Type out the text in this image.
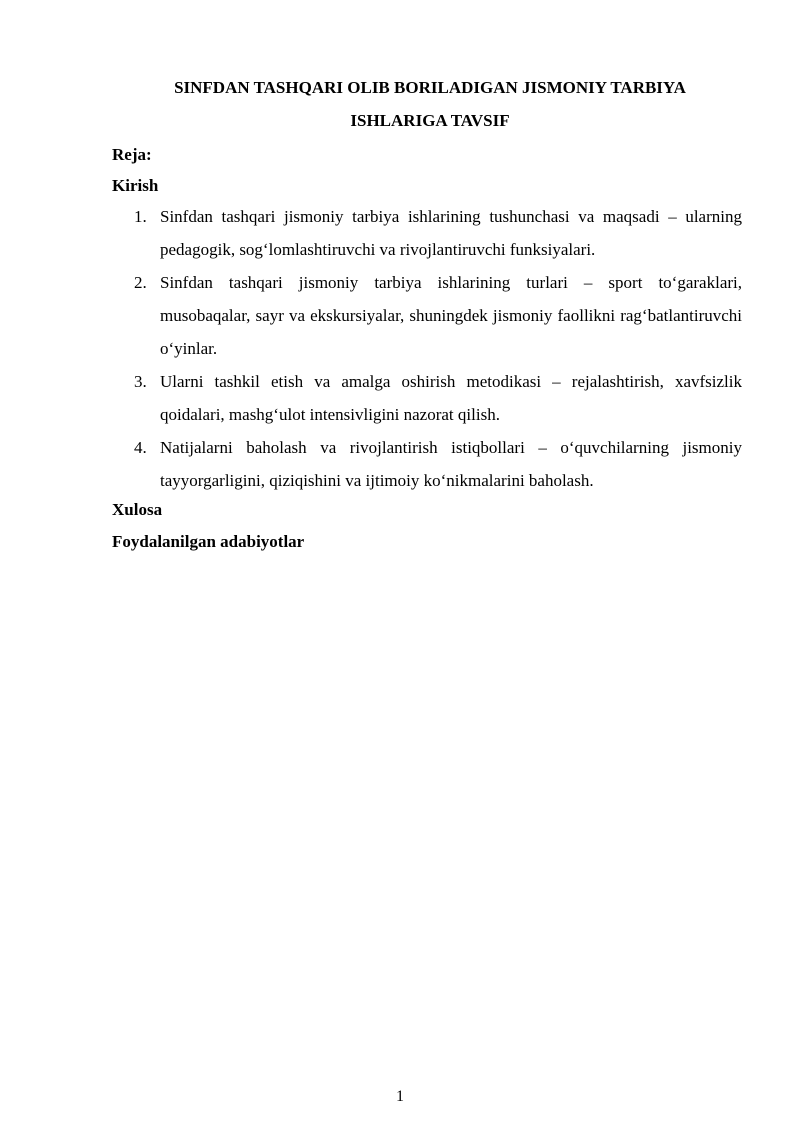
SINFDAN TASHQARI OLIB BORILADIGAN JISMONIY TARBIYA
ISHLARIGA TAVSIF
Reja:
Kirish
1. Sinfdan tashqari jismoniy tarbiya ishlarining tushunchasi va maqsadi – ularning pedagogik, sog‘lomlashtiruvchi va rivojlantiruvchi funksiyalari.
2. Sinfdan tashqari jismoniy tarbiya ishlarining turlari – sport to‘garaklari, musobaqalar, sayr va ekskursiyalar, shuningdek jismoniy faollikni rag‘batlantiruvchi o‘yinlar.
3. Ularni tashkil etish va amalga oshirish metodikasi – rejalashtirish, xavfsizlik qoidalari, mashg‘ulot intensivligini nazorat qilish.
4. Natijalarni baholash va rivojlantirish istiqbollari – o‘quvchilarning jismoniy tayyorgarligini, qiziqishini va ijtimoiy ko‘nikmalarini baholash.
Xulosa
Foydalanilgan adabiyotlar
1
